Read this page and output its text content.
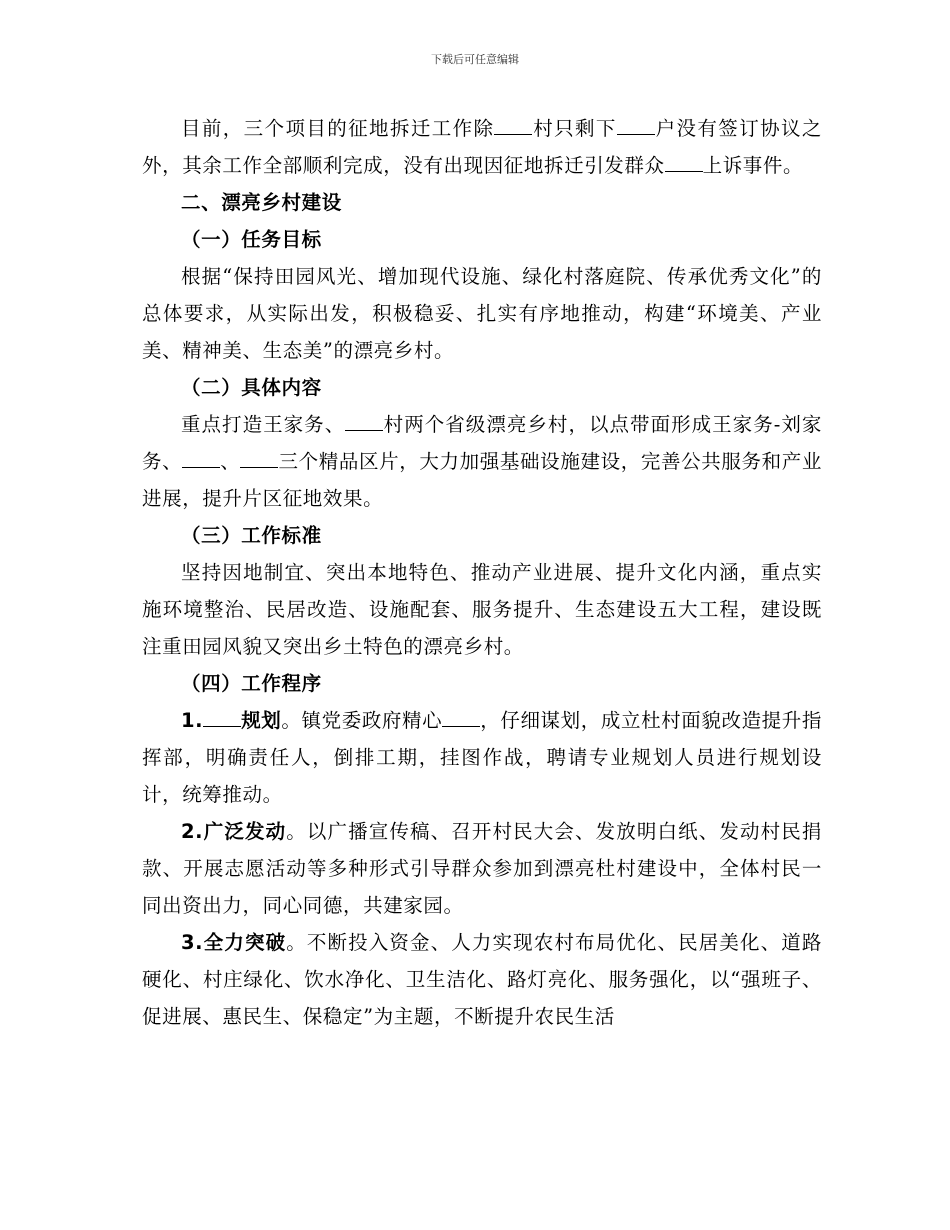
下载后可任意编辑

目前，三个项目的征地拆迁工作除 村只剩下 户没有签订协议之外，其余工作全部顺利完成，没有出现因征地拆迁引发群众 上诉事件。

二、漂亮乡村建设

（一）任务目标

根据“保持田园风光、增加现代设施、绿化村落庭院、传承优秀文化”的总体要求，从实际出发，积极稳妥、扎实有序地推动，构建“环境美、产业美、精神美、生态美”的漂亮乡村。

（二）具体内容

重点打造王家务、 村两个省级漂亮乡村，以点带面形成王家务-刘家务、 、 三个精品区片，大力加强基础设施建设，完善公共服务和产业进展，提升片区征地效果。

（三）工作标准

坚持因地制宜、突出本地特色、推动产业进展、提升文化内涵，重点实施环境整治、民居改造、设施配套、服务提升、生态建设五大工程，建设既注重田园风貌又突出乡土特色的漂亮乡村。

（四）工作程序

1. 规划。镇党委政府精心 ，仔细谋划，成立杜村面貌改造提升指挥部，明确责任人，倒排工期，挂图作战，聘请专业规划人员进行规划设计，统筹推动。

2.广泛发动。以广播宣传稿、召开村民大会、发放明白纸、发动村民捐款、开展志愿活动等多种形式引导群众参加到漂亮杜村建设中，全体村民一同出资出力，同心同德，共建家园。

3.全力突破。不断投入资金、人力实现农村布局优化、民居美化、道路硬化、村庄绿化、饮水净化、卫生洁化、路灯亮化、服务强化，以“强班子、促进展、惠民生、保稳定”为主题，不断提升农民生活
